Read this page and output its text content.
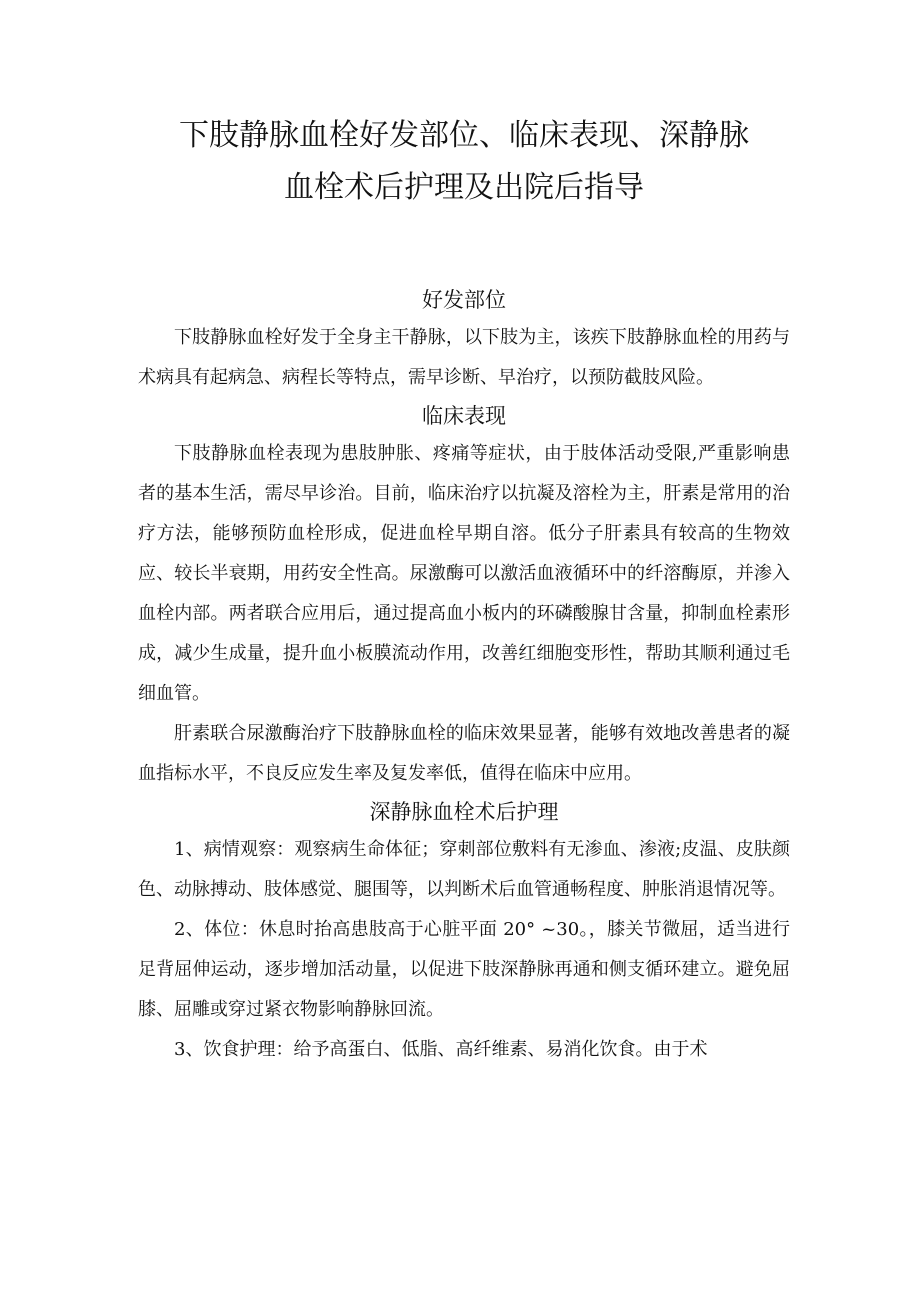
下肢静脉血栓好发部位、临床表现、深静脉
血栓术后护理及出院后指导
好发部位

下肢静脉血栓好发于全身主干静脉，以下肢为主，该疾下肢静脉血栓的用药与术病具有起病急、病程长等特点，需早诊断、早治疗，以预防截肢风险。

临床表现

下肢静脉血栓表现为患肢肿胀、疼痛等症状，由于肢体活动受限,严重影响患者的基本生活，需尽早诊治。目前，临床治疗以抗凝及溶栓为主，肝素是常用的治疗方法，能够预防血栓形成，促进血栓早期自溶。低分子肝素具有较高的生物效应、较长半衰期，用药安全性高。尿激酶可以激活血液循环中的纤溶酶原，并渗入血栓内部。两者联合应用后，通过提高血小板内的环磷酸腺甘含量，抑制血栓素形成，减少生成量，提升血小板膜流动作用，改善红细胞变形性，帮助其顺利通过毛细血管。

肝素联合尿激酶治疗下肢静脉血栓的临床效果显著，能够有效地改善患者的凝血指标水平，不良反应发生率及复发率低，值得在临床中应用。

深静脉血栓术后护理

1、病情观察：观察病生命体征；穿刺部位敷料有无渗血、渗液;皮温、皮肤颜色、动脉搏动、肢体感觉、腿围等，以判断术后血管通畅程度、肿胀消退情况等。

2、体位：休息时抬高患肢高于心脏平面 20° ~30。，膝关节微屈，适当进行足背屈伸运动，逐步增加活动量，以促进下肢深静脉再通和侧支循环建立。避免屈膝、屈雕或穿过紧衣物影响静脉回流。

3、饮食护理：给予高蛋白、低脂、高纤维素、易消化饮食。由于术
